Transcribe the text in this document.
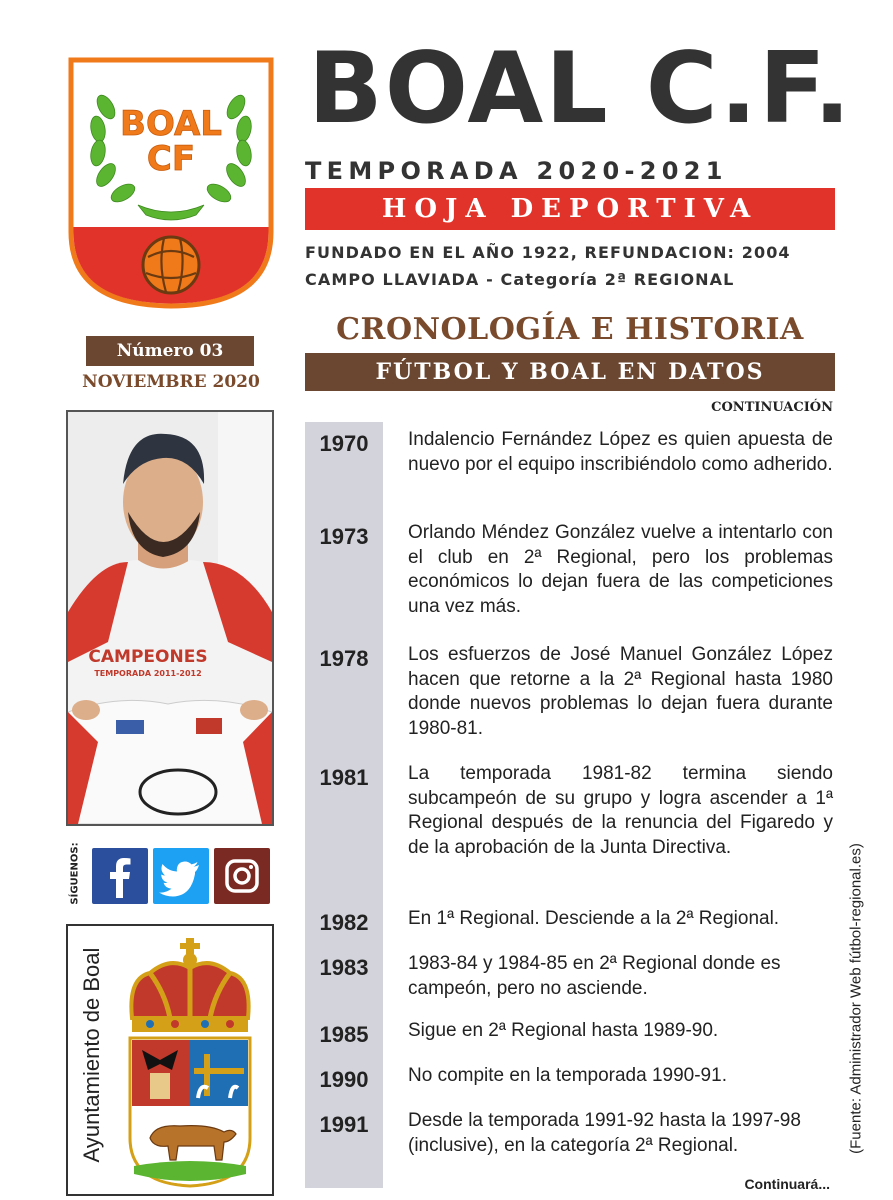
BOAL
CF
BOAL C.F.
TEMPORADA 2020-2021
HOJA DEPORTIVA
FUNDADO EN EL AÑO 1922, REFUNDACION: 2004
CAMPO LLAVIADA - Categoría 2ª REGIONAL
CRONOLOGÍA E HISTORIA
FÚTBOL Y BOAL EN DATOS
CONTINUACIÓN
Número 03
NOVIEMBRE 2020
CAMPEONES
TEMPORADA 2011-2012
SÍGUENOS:
Ayuntamiento de Boal
1970	Indalencio Fernández López es quien apuesta de nuevo por el equipo inscribiéndolo como adherido.
1973	Orlando Méndez González vuelve a intentarlo con el club en 2ª Regional, pero los problemas económicos lo dejan fuera de las competiciones una vez más.
1978	Los esfuerzos de José Manuel González López hacen que retorne a la 2ª Regional hasta 1980 donde nuevos problemas lo dejan fuera durante 1980-81.
1981	La temporada 1981-82 termina siendo subcampeón de su grupo y logra ascender a 1ª Regional después de la renuncia del Figaredo y de la aprobación de la Junta Directiva.
1982	En 1ª Regional. Desciende a la 2ª Regional.
1983	1983-84 y 1984-85 en 2ª Regional donde es campeón, pero no asciende.
1985	Sigue en 2ª Regional hasta 1989-90.
1990	No compite en la temporada 1990-91.
1991	Desde la temporada 1991-92 hasta la 1997-98 (inclusive), en la categoría 2ª Regional.	(Fuente: Administrador Web fútbol-regional.es)
Continuará...
